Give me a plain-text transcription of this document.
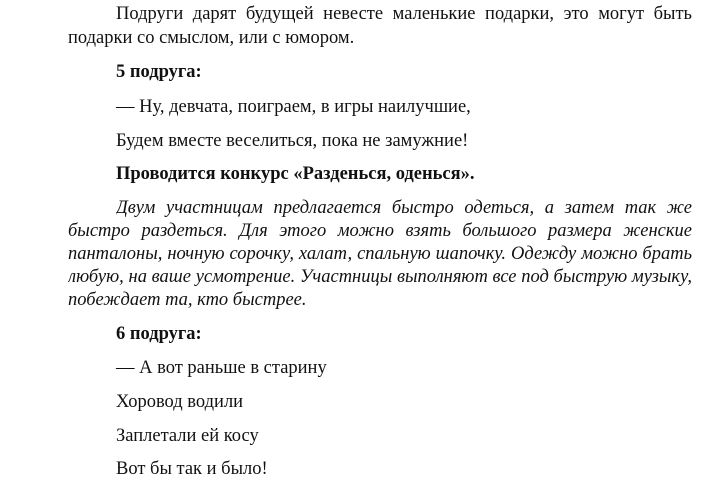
Подруги дарят будущей невесте маленькие подарки, это могут быть
подарки со смыслом, или с юмором.
5 подруга:
— Ну, девчата, поиграем, в игры наилучшие,
Будем вместе веселиться, пока не замужние!
Проводится конкурс «Разденься, оденься».
Двум участницам предлагается быстро одеться, а затем так же
быстро раздеться. Для этого можно взять большого размера женские
панталоны, ночную сорочку, халат, спальную шапочку. Одежду можно брать
любую, на ваше усмотрение. Участницы выполняют все под быструю музыку,
побеждает та, кто быстрее.
6 подруга:
— А вот раньше в старину
Хоровод водили
Заплетали ей косу
Вот бы так и было!
